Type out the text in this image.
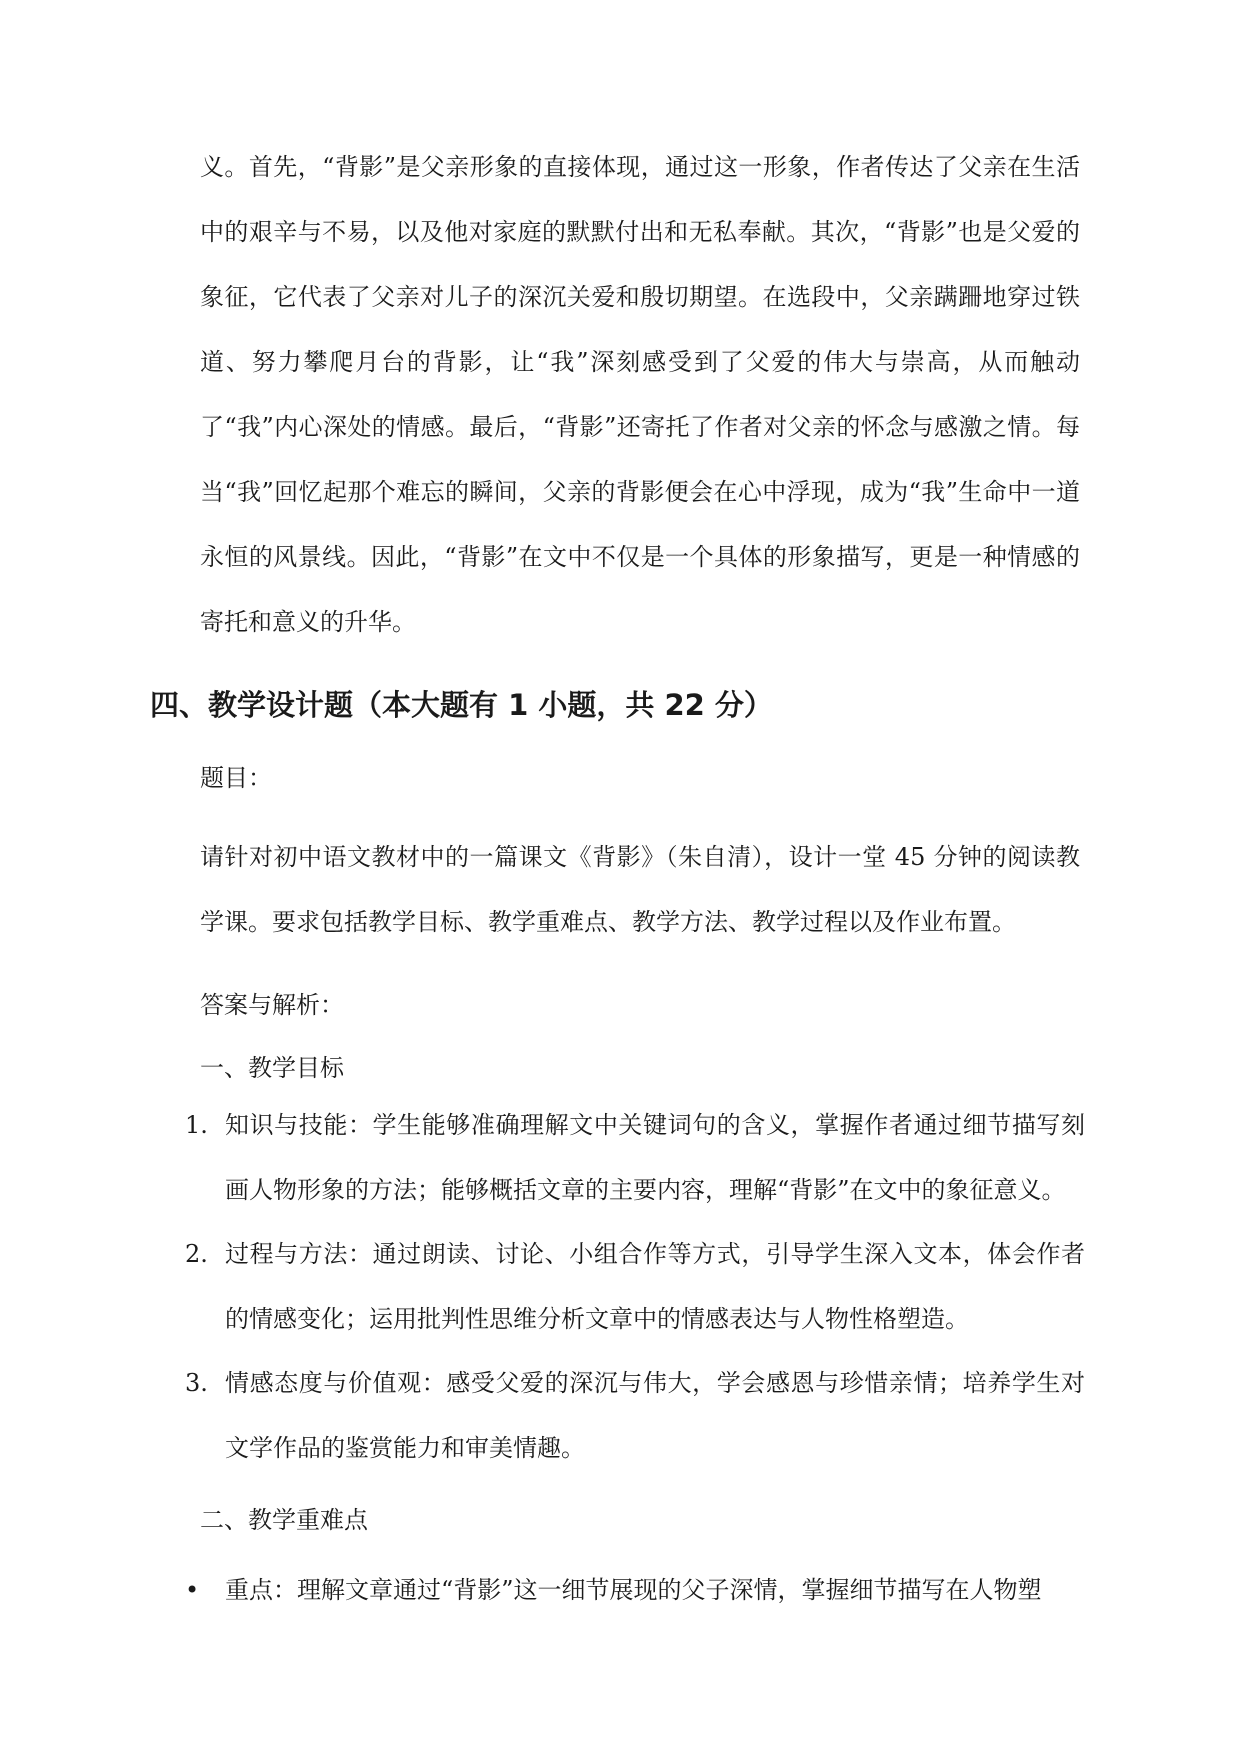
义。首先，“背影”是父亲形象的直接体现，通过这一形象，作者传达了父亲在生活中的艰辛与不易，以及他对家庭的默默付出和无私奉献。其次，“背影”也是父爱的象征，它代表了父亲对儿子的深沉关爱和殷切期望。在选段中，父亲蹒跚地穿过铁道、努力攀爬月台的背影，让“我”深刻感受到了父爱的伟大与崇高，从而触动了“我”内心深处的情感。最后，“背影”还寄托了作者对父亲的怀念与感激之情。每当“我”回忆起那个难忘的瞬间，父亲的背影便会在心中浮现，成为“我”生命中一道永恒的风景线。因此，“背影”在文中不仅是一个具体的形象描写，更是一种情感的寄托和意义的升华。

四、教学设计题（本大题有 1 小题，共 22 分）

题目：

请针对初中语文教材中的一篇课文《背影》（朱自清），设计一堂 45 分钟的阅读教学课。要求包括教学目标、教学重难点、教学方法、教学过程以及作业布置。

答案与解析：

一、教学目标

1. 知识与技能：学生能够准确理解文中关键词句的含义，掌握作者通过细节描写刻画人物形象的方法；能够概括文章的主要内容，理解“背影”在文中的象征意义。
2. 过程与方法：通过朗读、讨论、小组合作等方式，引导学生深入文本，体会作者的情感变化；运用批判性思维分析文章中的情感表达与人物性格塑造。
3. 情感态度与价值观：感受父爱的深沉与伟大，学会感恩与珍惜亲情；培养学生对文学作品的鉴赏能力和审美情趣。

二、教学重难点

•	重点：理解文章通过“背影”这一细节展现的父子深情，掌握细节描写在人物塑
